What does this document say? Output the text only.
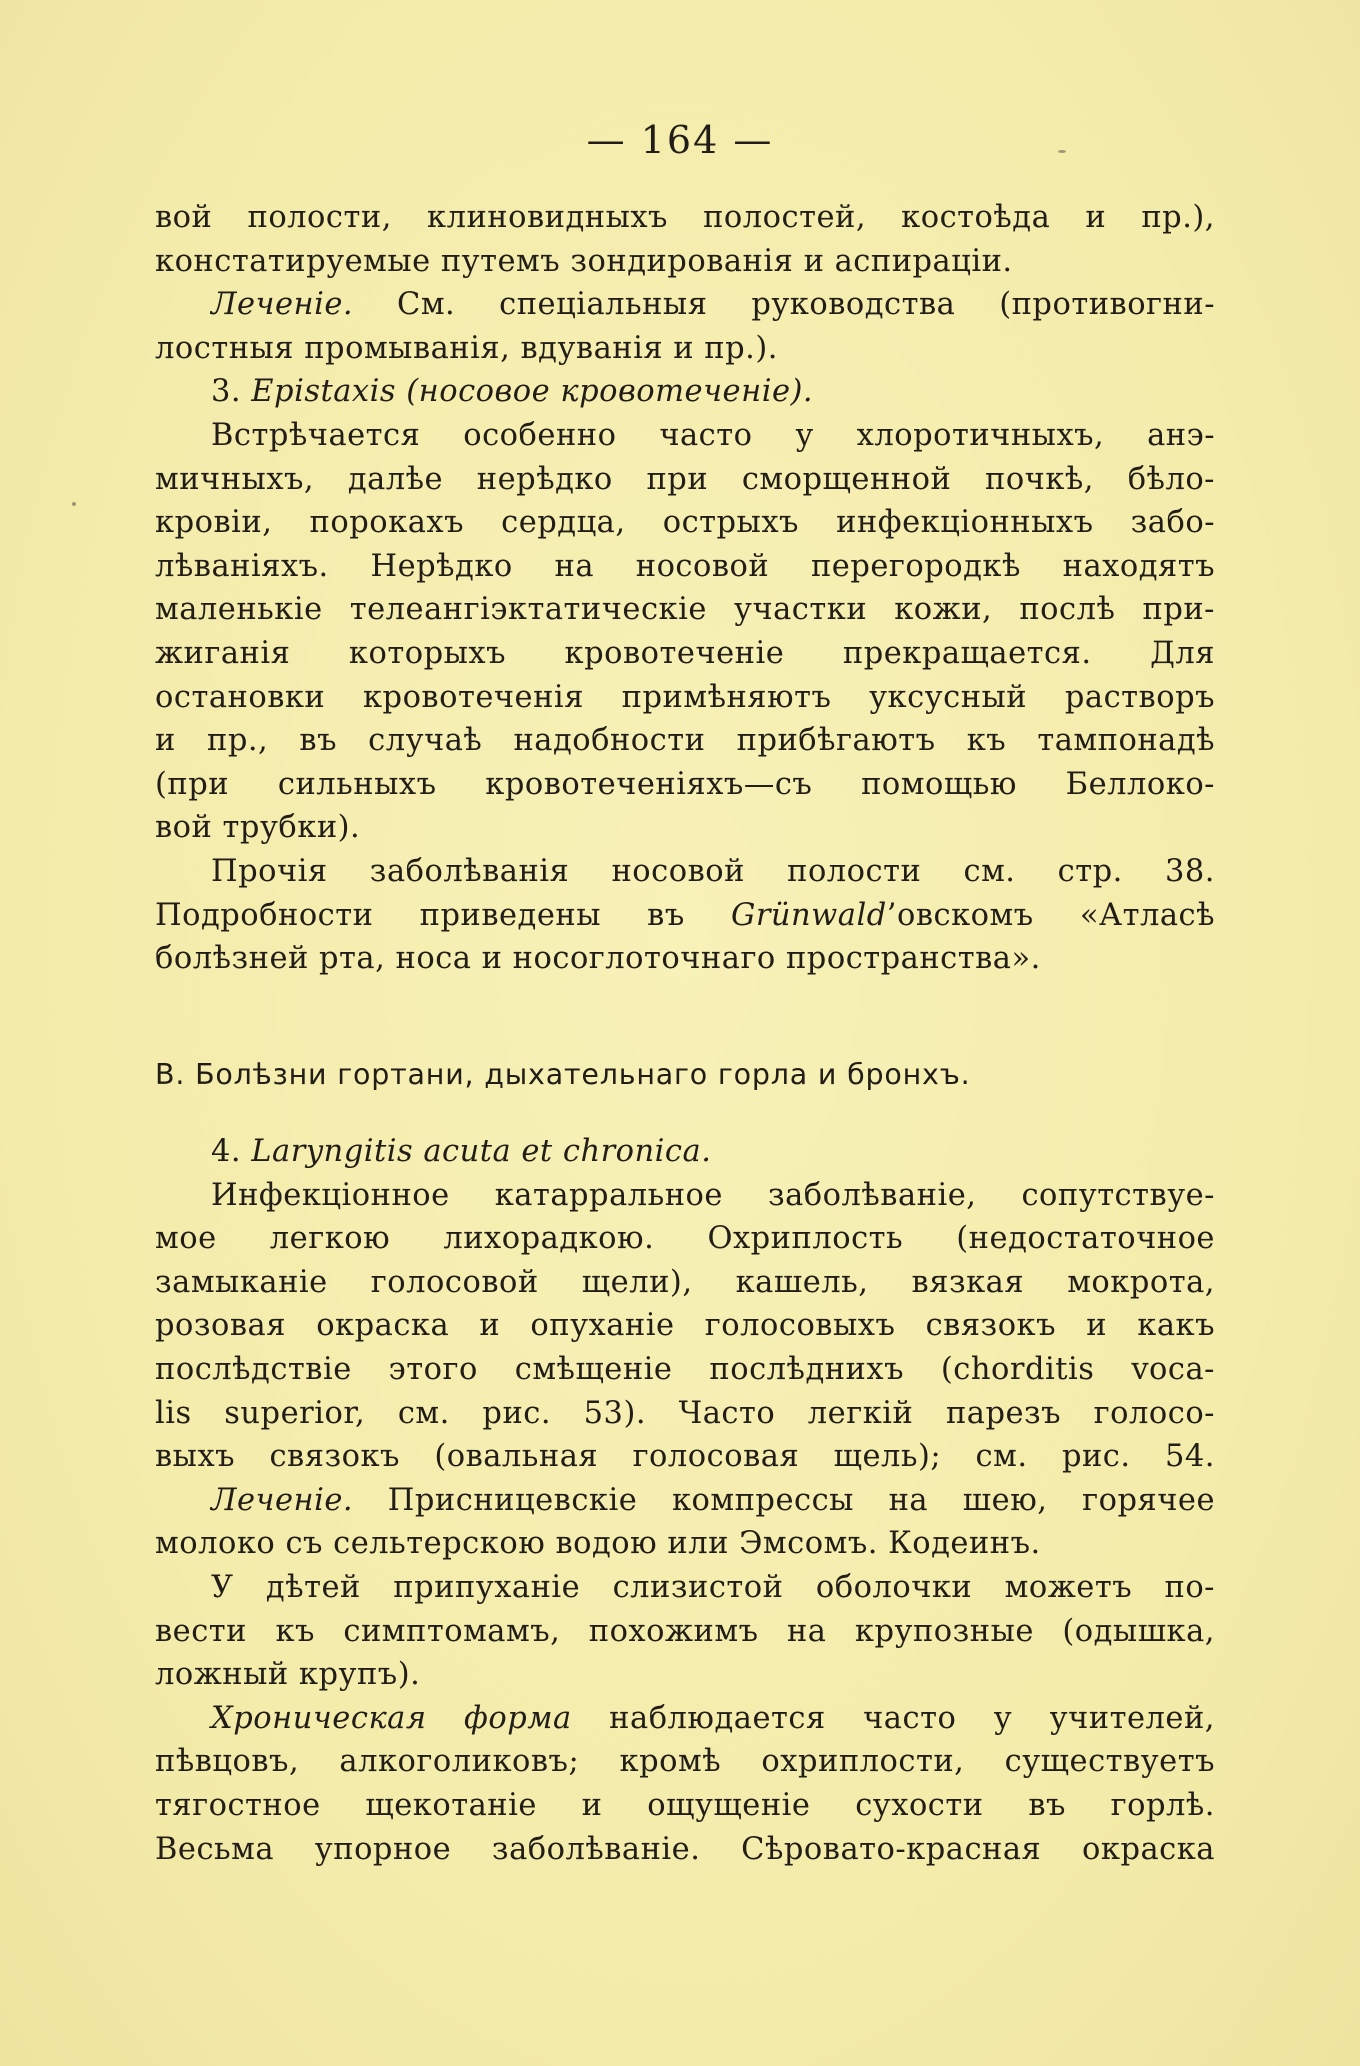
— 164 —
вой полости, клиновидныхъ полостей, костоѣда и пр.),
констатируемые путемъ зондированія и аспираціи.
Леченіе. См. спеціальныя руководства (противогни-
лостныя промыванія, вдуванія и пр.).
3. Epistaxis (носовое кровотеченіе).
Встрѣчается особенно часто у хлоротичныхъ, анэ-
мичныхъ, далѣе нерѣдко при сморщенной почкѣ, бѣло-
кровіи, порокахъ сердца, острыхъ инфекціонныхъ забо-
лѣваніяхъ. Нерѣдко на носовой перегородкѣ находятъ
маленькіе телеангіэктатическіе участки кожи, послѣ при-
жиганія которыхъ кровотеченіе прекращается. Для
остановки кровотеченія примѣняютъ уксусный растворъ
и пр., въ случаѣ надобности прибѣгаютъ къ тампонадѣ
(при сильныхъ кровотеченіяхъ—съ помощью Беллоко-
вой трубки).
Прочія заболѣванія носовой полости см. стр. 38.
Подробности приведены въ Grünwald’овскомъ «Атласѣ
болѣзней рта, носа и носоглоточнаго пространства».
B. Болѣзни гортани, дыхательнаго горла и бронхъ.
4. Laryngitis acuta et chronica.
Инфекціонное катарральное заболѣваніе, сопутствуе-
мое легкою лихорадкою. Охриплость (недостаточное
замыканіе голосовой щели), кашель, вязкая мокрота,
розовая окраска и опуханіе голосовыхъ связокъ и какъ
послѣдствіе этого смѣщеніе послѣднихъ (chorditis voca-
lis superior, см. рис. 53). Часто легкій парезъ голосо-
выхъ связокъ (овальная голосовая щель); см. рис. 54.
Леченіе. Присницевскіе компрессы на шею, горячее
молоко съ сельтерскою водою или Эмсомъ. Кодеинъ.
У дѣтей припуханіе слизистой оболочки можетъ по-
вести къ симптомамъ, похожимъ на крупозные (одышка,
ложный крупъ).
Хроническая форма наблюдается часто у учителей,
пѣвцовъ, алкоголиковъ; кромѣ охриплости, существуетъ
тягостное щекотаніе и ощущеніе сухости въ горлѣ.
Весьма упорное заболѣваніе. Сѣровато-красная окраска
